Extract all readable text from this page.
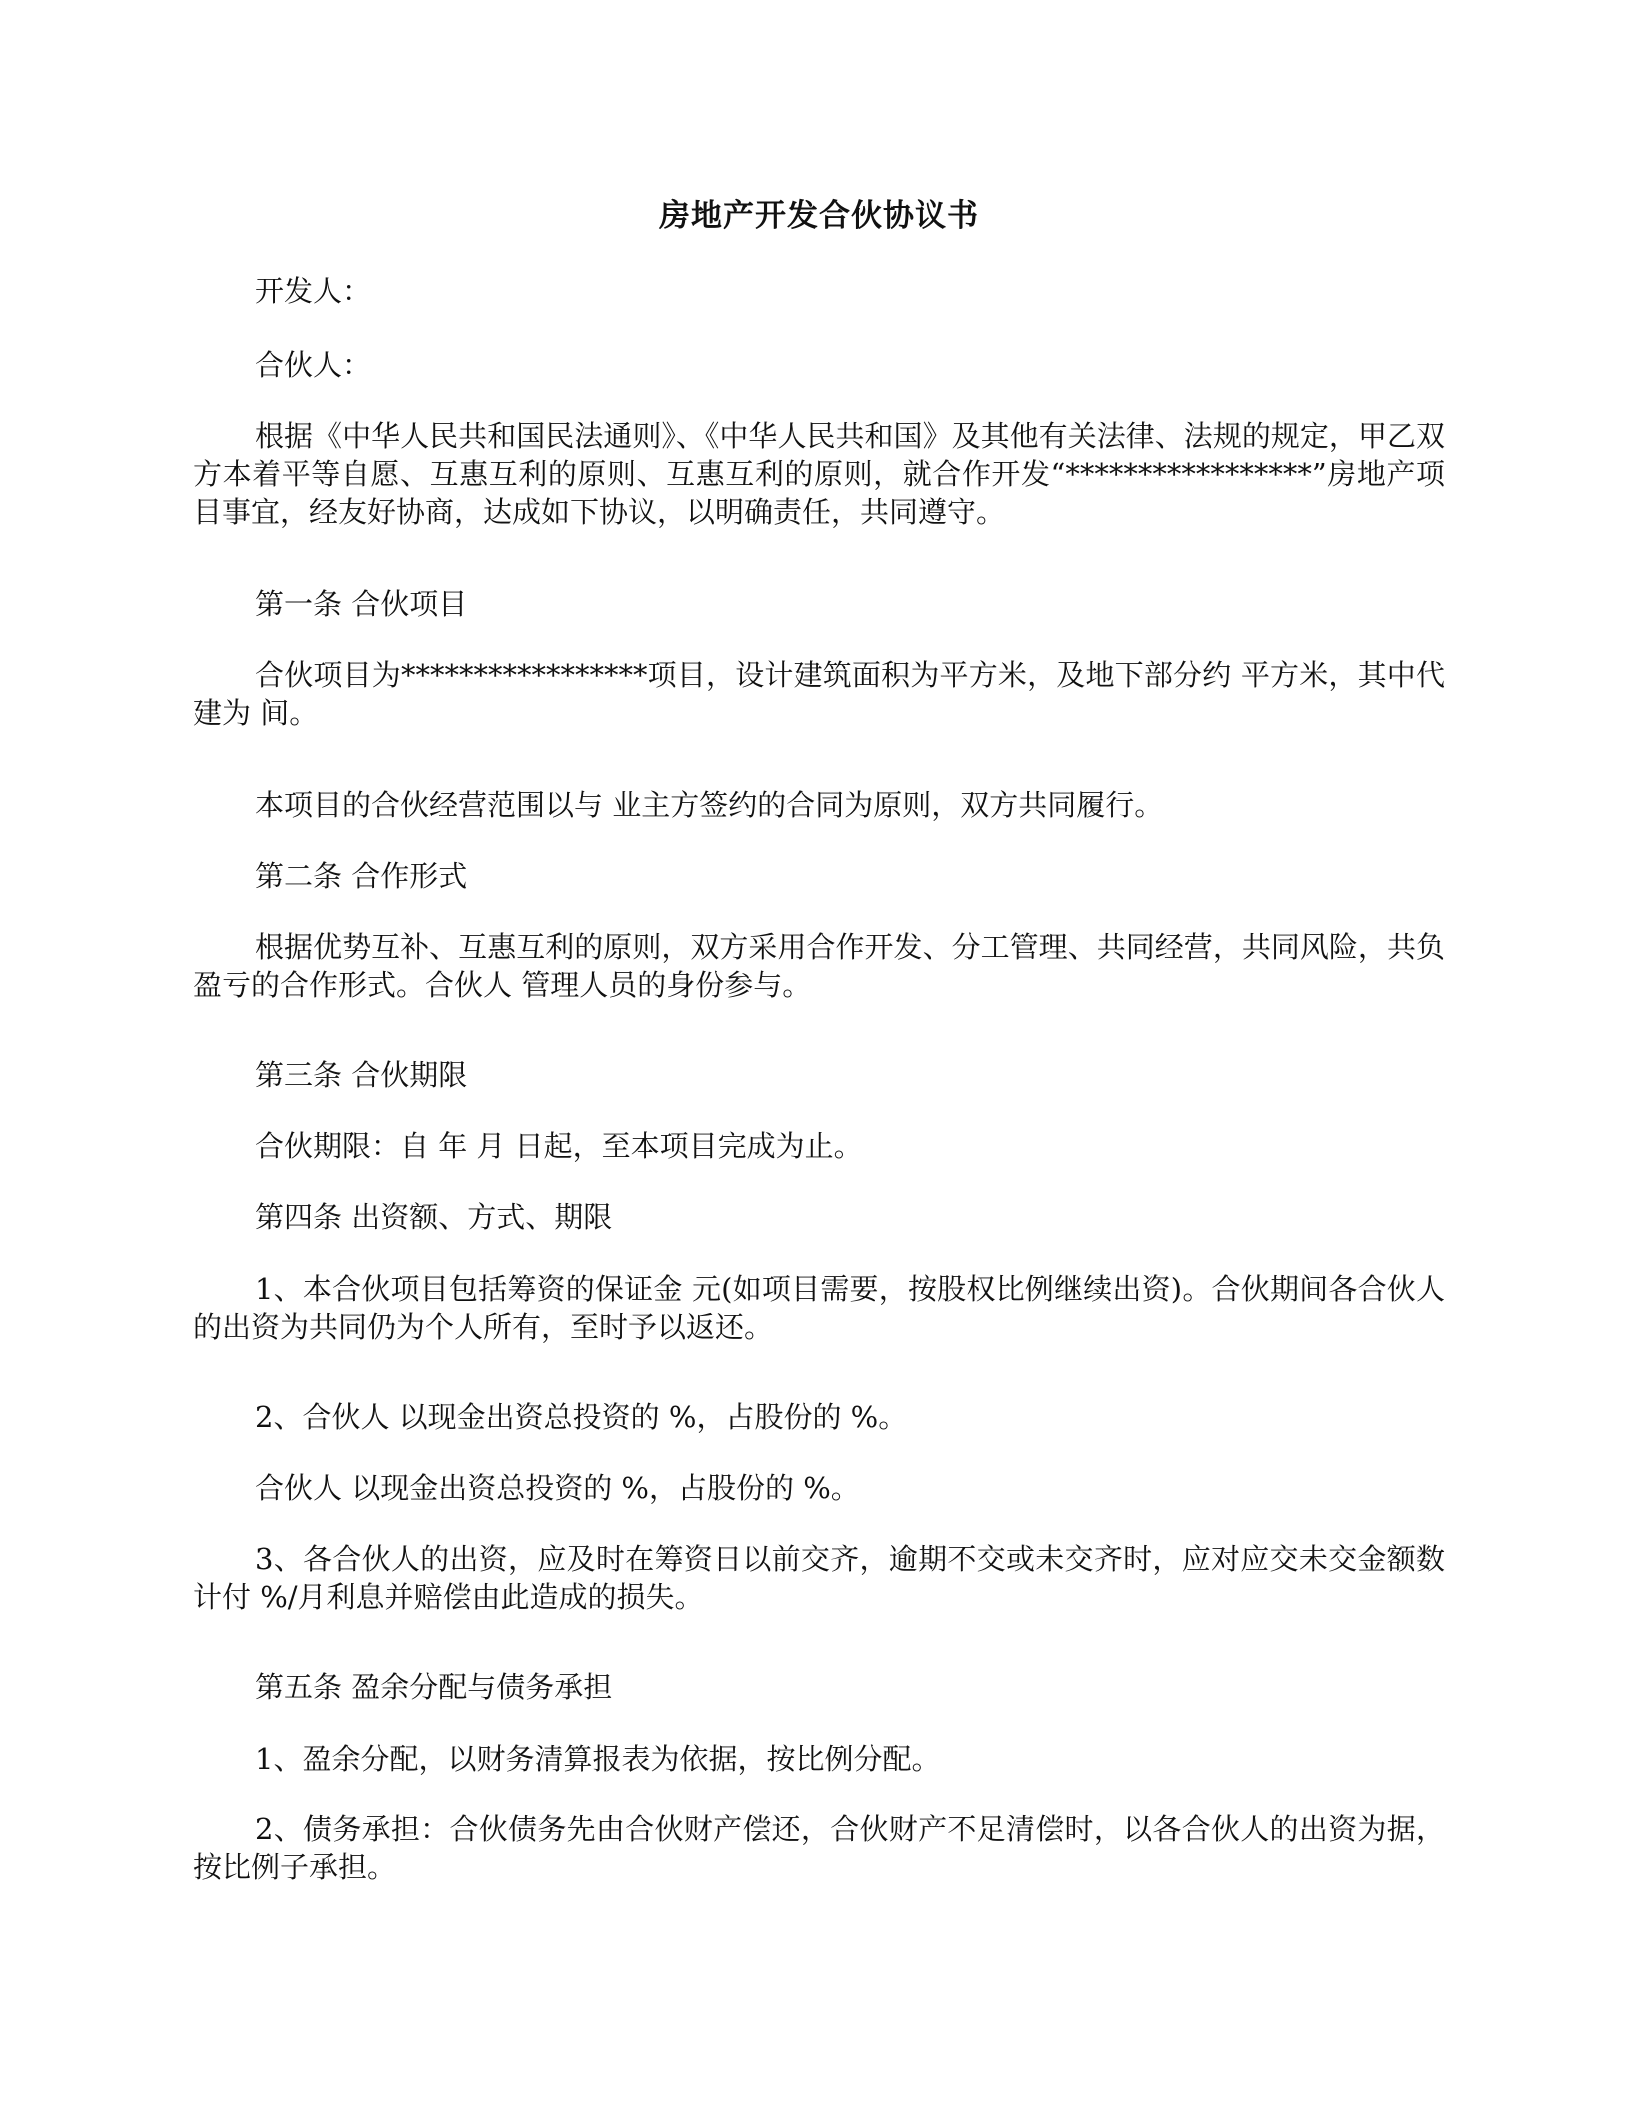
房地产开发合伙协议书

开发人：

合伙人：

根据《中华人民共和国民法通则》、《中华人民共和国》及其他有关法律、法规的规定，甲乙双方本着平等自愿、互惠互利的原则、互惠互利的原则，就合作开发“*****************”房地产项目事宜，经友好协商，达成如下协议，以明确责任，共同遵守。

第一条 合伙项目

合伙项目为*****************项目，设计建筑面积为平方米，及地下部分约 平方米，其中代建为 间。

本项目的合伙经营范围以与 业主方签约的合同为原则，双方共同履行。

第二条 合作形式

根据优势互补、互惠互利的原则，双方采用合作开发、分工管理、共同经营，共同风险，共负盈亏的合作形式。合伙人 管理人员的身份参与。

第三条 合伙期限

合伙期限：自 年 月 日起，至本项目完成为止。

第四条 出资额、方式、期限

1、本合伙项目包括筹资的保证金 元(如项目需要，按股权比例继续出资)。合伙期间各合伙人的出资为共同仍为个人所有，至时予以返还。

2、合伙人 以现金出资总投资的 %，占股份的 %。

合伙人 以现金出资总投资的 %，占股份的 %。

3、各合伙人的出资，应及时在筹资日以前交齐，逾期不交或未交齐时，应对应交未交金额数计付 %/月利息并赔偿由此造成的损失。

第五条 盈余分配与债务承担

1、盈余分配，以财务清算报表为依据，按比例分配。

2、债务承担：合伙债务先由合伙财产偿还，合伙财产不足清偿时，以各合伙人的出资为据，按比例子承担。
